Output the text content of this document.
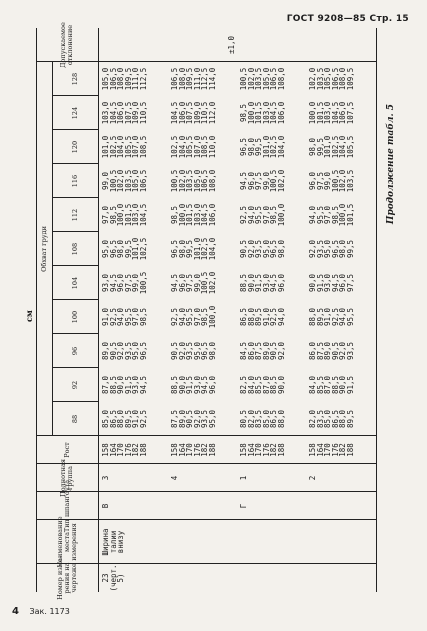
ГОСТ 9208—85 Стр. 15
Продолжение табл. 5
4 Зак. 1173
Номер изме-
рения на
чертеже
Наименование
места
измерения
Тип шпангоута
Полнотная
группа
Рост
Обхват груди
Допускаемое
отклонение
88
92
96
100
104
108
112
116
120
124
128
23
(черт.
5)
Ширина
талии
внизу
В	Г
3
158
164
170
176
182
188
85,0
86,5
88,0
89,5
91,0
92,5
87,0
88,5
90,0
91,5
93,0
94,5
89,0
90,5
92,0
93,5
95,0
96,5
91,0
92,5
94,0
95,5
97,0
98,5
93,0
94,5
96,0
97,5
99,0
100,5
95,0
96,5
98,0
99,5
101,0
102,5
97,0
98,5
100,0
101,5
103,0
104,5
99,0
100,5
102,0
103,5
105,0
106,5
101,0
102,5
104,0
105,5
107,0
108,5
103,0
104,5
106,0
107,5
109,0
110,5
105,0
106,5
108,0
109,5
111,0
112,5
4
158
164
170
176
182
188
87,5
89,0
90,5
92,0
93,5
95,0
88,5
90,0
91,5
93,0
94,5
96,0
90,5
92,0
93,5
95,0
96,5
98,0
92,5
94,0
95,5
97,0
98,5
100,0
94,5
96,0
97,5
99,0
100,5
102,0
96,5
98,0
99,5
101,0
102,5
104,0
98,5
100,0
101,5
103,0
104,5
106,0
100,5
102,0
103,5
105,0
106,5
108,0
102,5
104,0
105,5
107,0
108,5
110,0
104,5
106,0
107,5
109,0
110,5
112,0
106,5
108,0
109,5
111,0
112,5
114,0
1
158
164
170
176
182
188
80,5
82,0
83,5
85,0
86,5
88,0
82,5
84,0
85,5
87,0
88,5
90,0
84,5
86,0
87,5
89,0
90,5
92,0
86,5
88,0
89,5
91,0
92,5
94,0
88,5
90,0
91,5
93,0
94,5
96,0
90,5
92,0
93,5
95,0
96,5
98,0
92,5
94,0
95,5
97,0
98,5
100,0
94,5
96,0
97,5
99,0
100,5
102,0
96,5
98,0
99,5
101,0
102,5
104,0
98,5
100,0
101,5
103,0
104,5
106,0
100,5
102,0
103,5
105,0
106,5
108,0
2
158
164
170
176
182
188
82,0
83,5
85,0
86,5
88,0
89,5
84,0
85,5
87,0
88,5
90,0
91,5
86,0
87,5
89,0
90,5
92,0
93,5
88,0
89,5
91,0
92,5
94,0
95,5
90,0
91,5
93,0
94,5
96,0
97,5
92,0
93,5
95,0
96,5
98,0
99,5
94,0
95,5
97,0
98,5
100,0
101,5
96,0
97,5
99,0
100,5
102,0
103,5
98,0
99,5
101,0
102,5
104,0
105,5
100,0
101,5
103,0
104,5
106,0
107,5
102,0
103,5
105,0
106,5
108,0
109,5
±1,0
см
